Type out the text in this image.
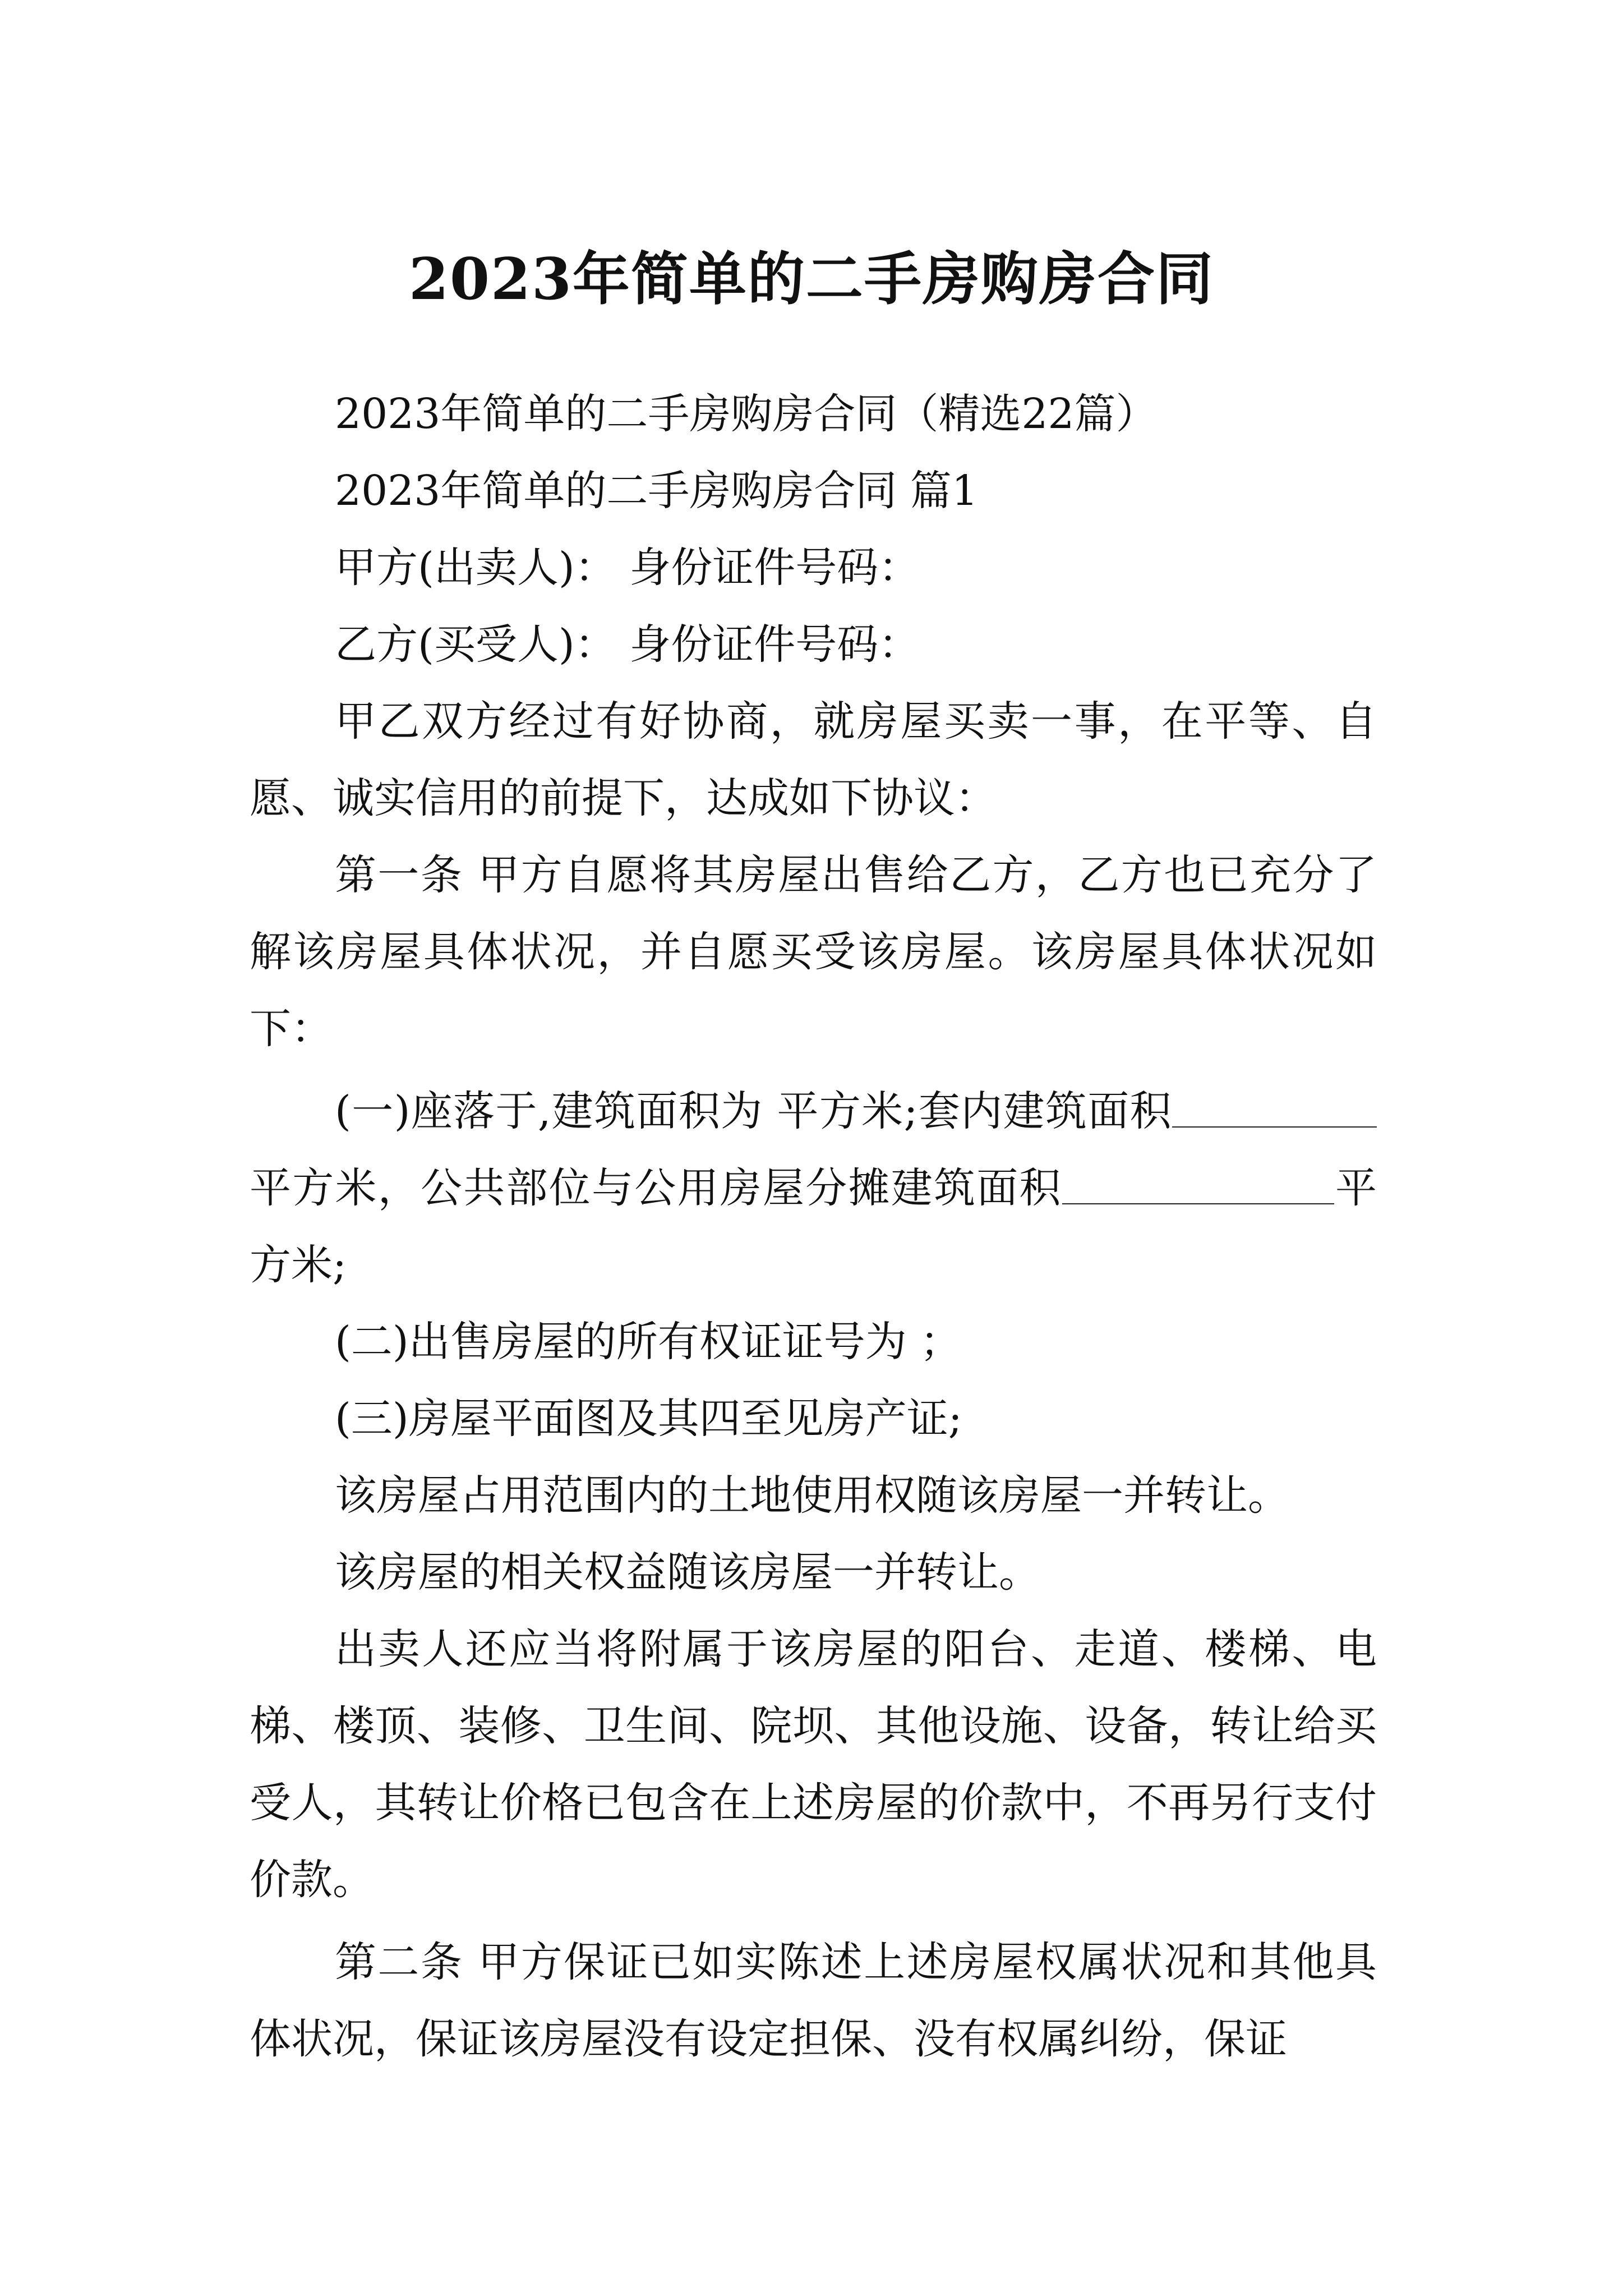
2023年简单的二手房购房合同

2023年简单的二手房购房合同（精选22篇）

2023年简单的二手房购房合同 篇1

甲方(出卖人)： 身份证件号码：

乙方(买受人)： 身份证件号码：

甲乙双方经过有好协商，就房屋买卖一事，在平等、自愿、诚实信用的前提下，达成如下协议：

第一条 甲方自愿将其房屋出售给乙方，乙方也已充分了解该房屋具体状况，并自愿买受该房屋。该房屋具体状况如下：

(一)座落于,建筑面积为 平方米;套内建筑面积平方米，公共部位与公用房屋分摊建筑面积	平方米;

(二)出售房屋的所有权证证号为 ；

(三)房屋平面图及其四至见房产证;

该房屋占用范围内的土地使用权随该房屋一并转让。

该房屋的相关权益随该房屋一并转让。

出卖人还应当将附属于该房屋的阳台、走道、楼梯、电梯、楼顶、装修、卫生间、院坝、其他设施、设备，转让给买受人，其转让价格已包含在上述房屋的价款中，不再另行支付价款。

第二条 甲方保证已如实陈述上述房屋权属状况和其他具体状况，保证该房屋没有设定担保、没有权属纠纷，保证
